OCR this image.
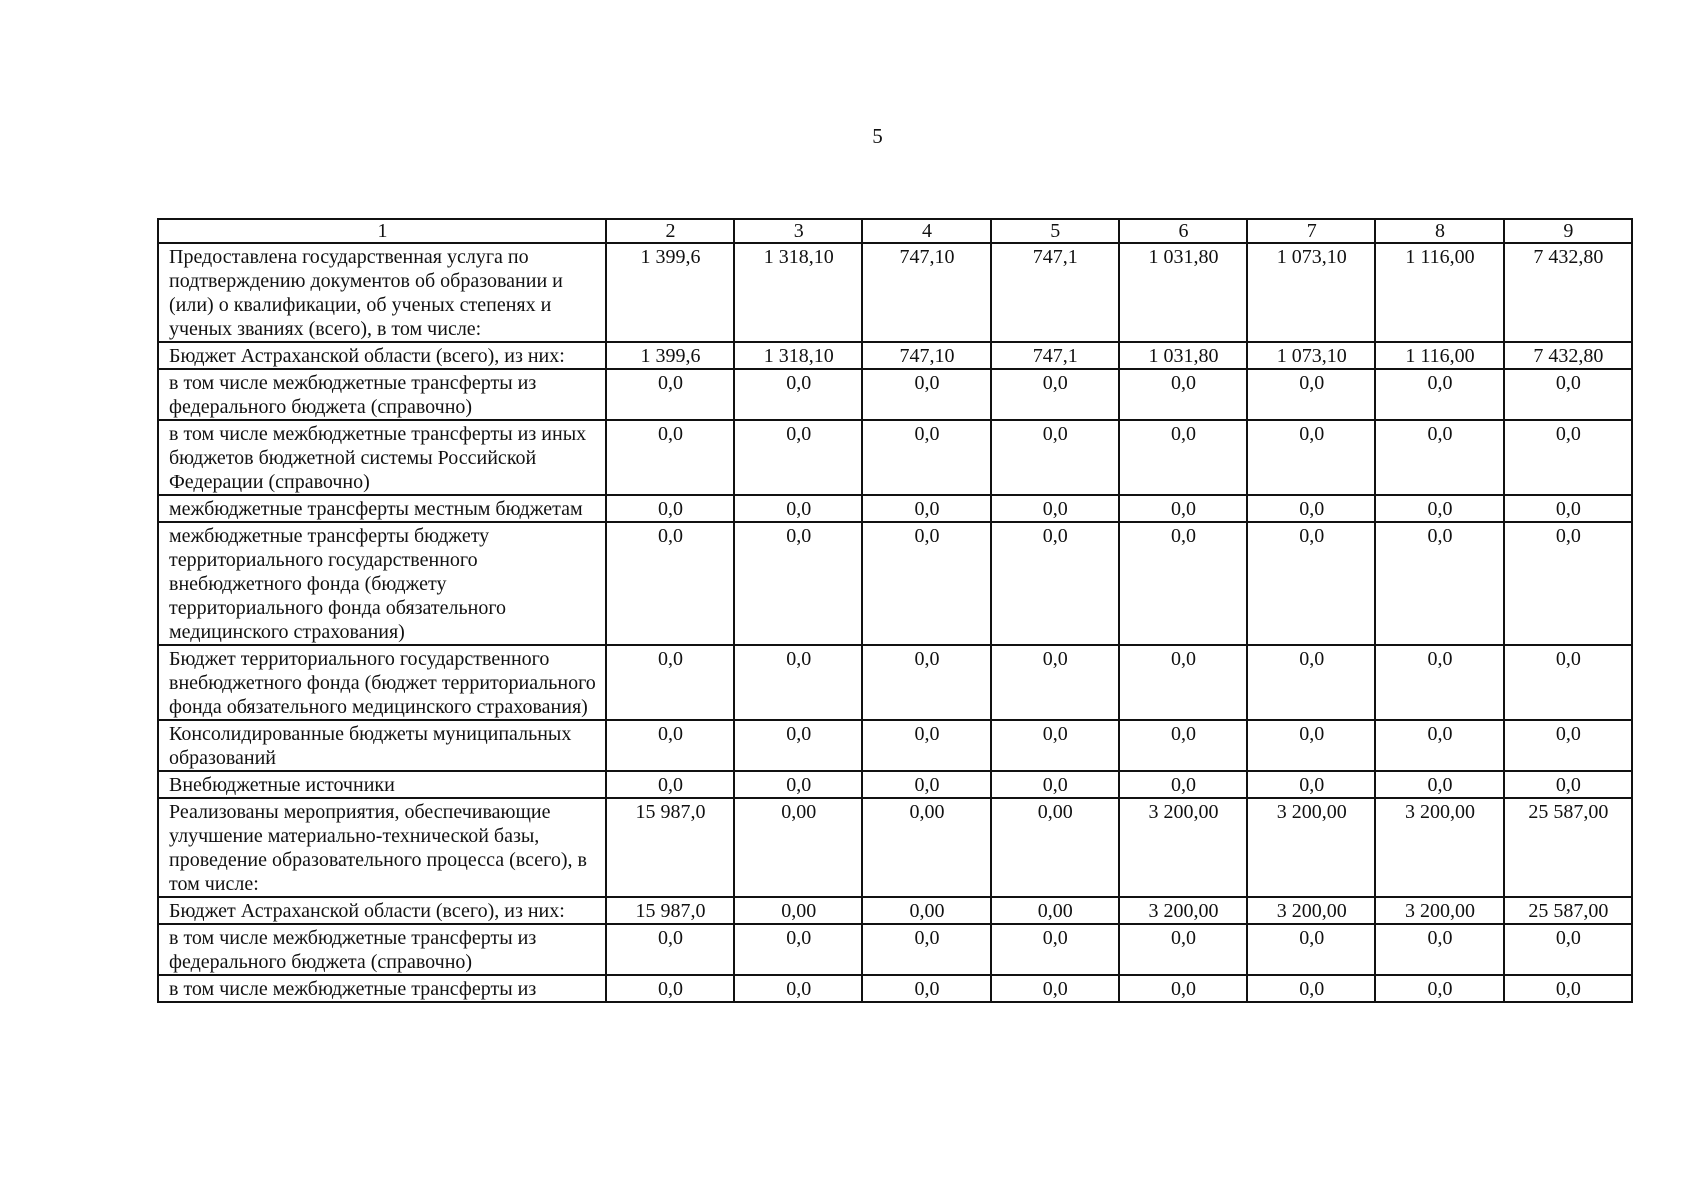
5
1	2	3	4	5	6	7	8	9
Предоставлена государственная услуга по подтверждению документов об образовании и (или) о квалификации, об ученых степенях и ученых званиях (всего), в том числе:	1 399,6	1 318,10	747,10	747,1	1 031,80	1 073,10	1 116,00	7 432,80
Бюджет Астраханской области (всего), из них:	1 399,6	1 318,10	747,10	747,1	1 031,80	1 073,10	1 116,00	7 432,80
в том числе межбюджетные трансферты из федерального бюджета (справочно)	0,0	0,0	0,0	0,0	0,0	0,0	0,0	0,0
в том числе межбюджетные трансферты из иных бюджетов бюджетной системы Российской Федерации (справочно)	0,0	0,0	0,0	0,0	0,0	0,0	0,0	0,0
межбюджетные трансферты местным бюджетам	0,0	0,0	0,0	0,0	0,0	0,0	0,0	0,0
межбюджетные трансферты бюджету территориального государственного внебюджетного фонда (бюджету территориального фонда обязательного медицинского страхования)	0,0	0,0	0,0	0,0	0,0	0,0	0,0	0,0
Бюджет территориального государственного внебюджетного фонда (бюджет территориального фонда обязательного медицинского страхования)	0,0	0,0	0,0	0,0	0,0	0,0	0,0	0,0
Консолидированные бюджеты муниципальных образований	0,0	0,0	0,0	0,0	0,0	0,0	0,0	0,0
Внебюджетные источники	0,0	0,0	0,0	0,0	0,0	0,0	0,0	0,0
Реализованы мероприятия, обеспечивающие улучшение материально-технической базы, проведение образовательного процесса (всего), в том числе:	15 987,0	0,00	0,00	0,00	3 200,00	3 200,00	3 200,00	25 587,00
Бюджет Астраханской области (всего), из них:	15 987,0	0,00	0,00	0,00	3 200,00	3 200,00	3 200,00	25 587,00
в том числе межбюджетные трансферты из федерального бюджета (справочно)	0,0	0,0	0,0	0,0	0,0	0,0	0,0	0,0
в том числе межбюджетные трансферты из	0,0	0,0	0,0	0,0	0,0	0,0	0,0	0,0
